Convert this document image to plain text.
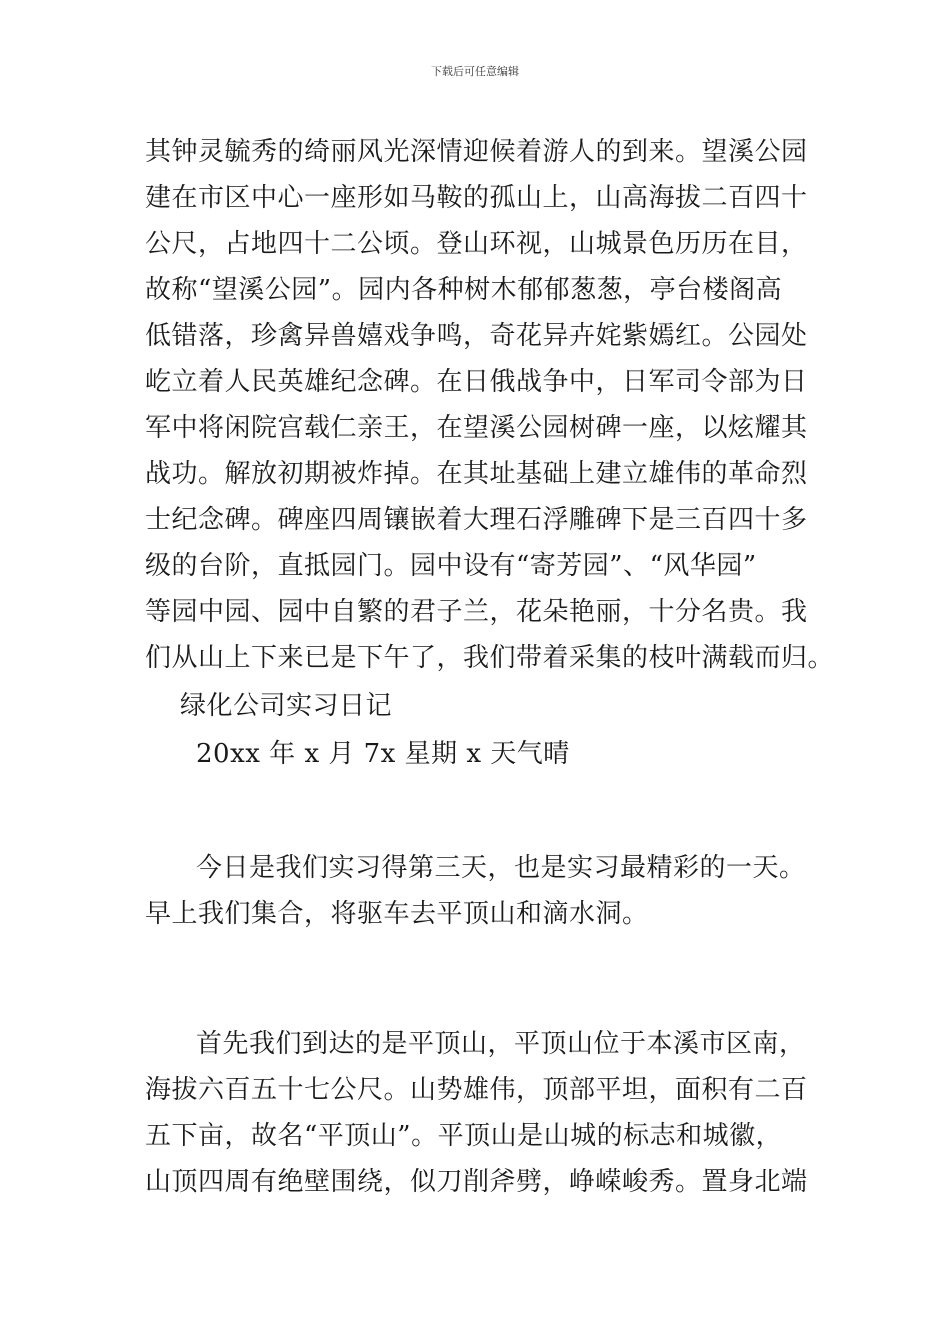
下载后可任意编辑
其钟灵毓秀的绮丽风光深情迎候着游人的到来。望溪公园
建在市区中心一座形如马鞍的孤山上，山高海拔二百四十
公尺，占地四十二公顷。登山环视，山城景色历历在目，
故称“望溪公园”。园内各种树木郁郁葱葱，亭台楼阁高
低错落，珍禽异兽嬉戏争鸣，奇花异卉姹紫嫣红。公园处
屹立着人民英雄纪念碑。在日俄战争中，日军司令部为日
军中将闲院宫载仁亲王，在望溪公园树碑一座，以炫耀其
战功。解放初期被炸掉。在其址基础上建立雄伟的革命烈
士纪念碑。碑座四周镶嵌着大理石浮雕碑下是三百四十多
级的台阶，直抵园门。园中设有“寄芳园”、“风华园”
等园中园、园中自繁的君子兰，花朵艳丽，十分名贵。我
们从山上下来已是下午了，我们带着采集的枝叶满载而归。
绿化公司实习日记
20xx 年 x 月 7x 星期 x 天气晴
今日是我们实习得第三天，也是实习最精彩的一天。
早上我们集合，将驱车去平顶山和滴水洞。
首先我们到达的是平顶山，平顶山位于本溪市区南，
海拔六百五十七公尺。山势雄伟，顶部平坦，面积有二百
五下亩，故名“平顶山”。平顶山是山城的标志和城徽，
山顶四周有绝壁围绕，似刀削斧劈，峥嵘峻秀。置身北端
